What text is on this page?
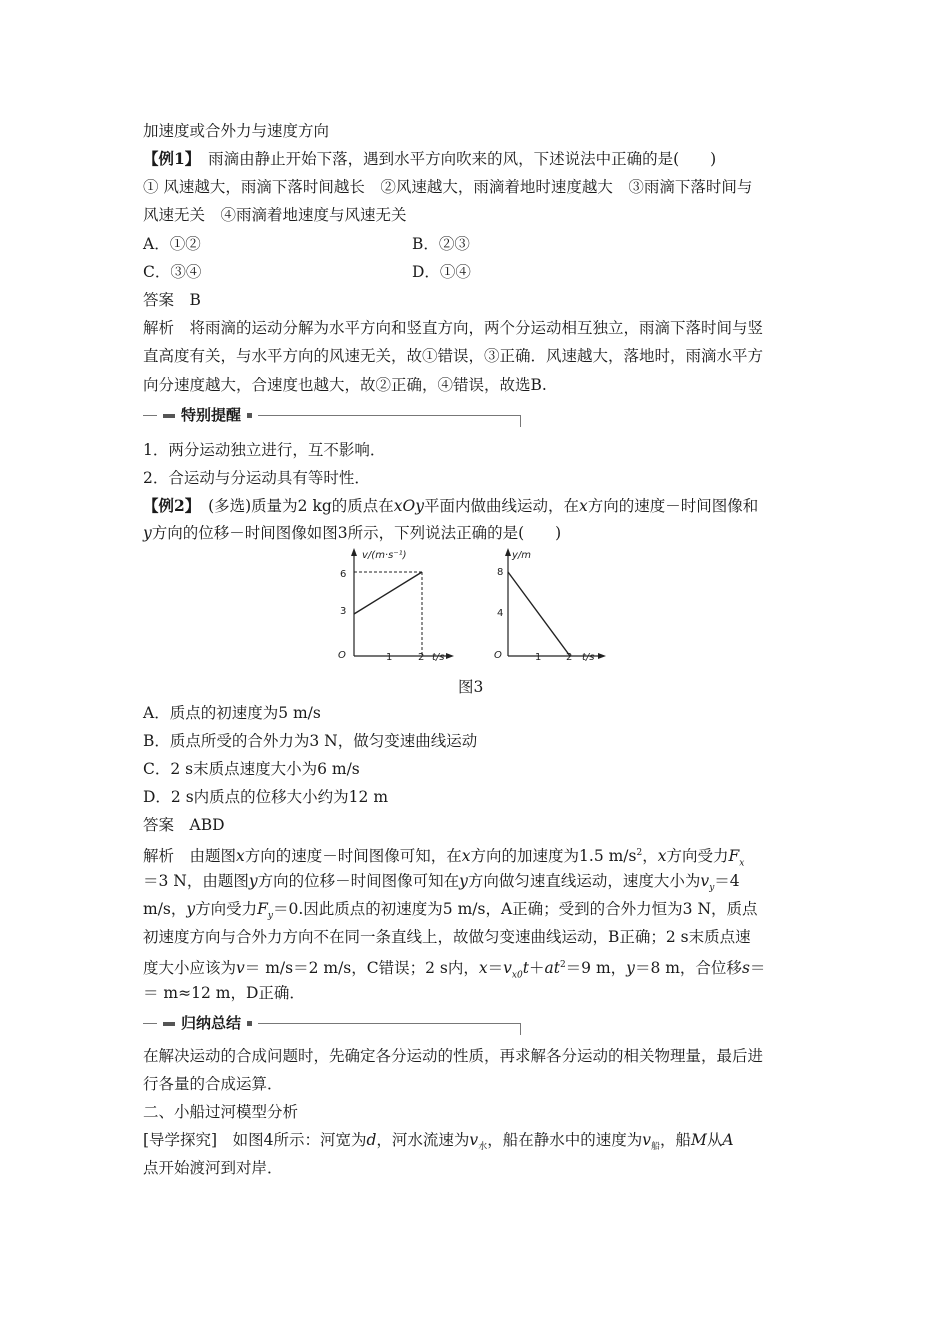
加速度或合外力与速度方向
【例1】　 雨滴由静止开始下落，遇到水平方向吹来的风，下述说法中正确的是(　　)
① 风速越大，雨滴下落时间越长　②风速越大，雨滴着地时速度越大　③雨滴下落时间与
风速无关　④雨滴着地速度与风速无关
A．①②	B．②③
C．③④	D．①④
答案　B
解析　将雨滴的运动分解为水平方向和竖直方向，两个分运动相互独立，雨滴下落时间与竖
直高度有关，与水平方向的风速无关，故①错误，③正确．风速越大，落地时，雨滴水平方
向分速度越大，合速度也越大，故②正确，④错误，故选B.
特别提醒
1．两分运动独立进行，互不影响．
2．合运动与分运动具有等时性．
【例2】　 (多选)质量为2 kg的质点在xOy平面内做曲线运动，在x方向的速度－时间图像和
y方向的位移－时间图像如图3所示，下列说法正确的是(　　)
v/(m·s⁻¹)
6
3
O	1	2 t/s
y/m
8
4
O	1 2 t/s
图3
A．质点的初速度为5 m/s
B．质点所受的合外力为3 N，做匀变速曲线运动
C．2 s末质点速度大小为6 m/s
D．2 s内质点的位移大小约为12 m
答案　ABD
解析　由题图x方向的速度－时间图像可知，在x方向的加速度为1.5 $m/s^2$，x方向受力$F_x$
＝3 N，由题图y方向的位移－时间图像可知在y方向做匀速直线运动，速度大小为$v_y=4$
m/s，y方向受力$F_y=0$.因此质点的初速度为5 m/s，A正确；受到的合外力恒为3 N，质点
初速度方向与合外力方向不在同一条直线上，故做匀变速曲线运动，B正确；2 s末质点速
度大小应该为v＝ m/s＝2 m/s，C错误；2 s内，$x=v_{x0}t+at^2=9$ m，y＝8 m，合位移s＝
＝ m≈12 m，D正确．
归纳总结
在解决运动的合成问题时，先确定各分运动的性质，再求解各分运动的相关物理量，最后进
行各量的合成运算．
二、小船过河模型分析
[导学探究]　如图4所示：河宽为d，河水流速为$v_水$，船在静水中的速度为$v_船$，船M从A
点开始渡河到对岸．
